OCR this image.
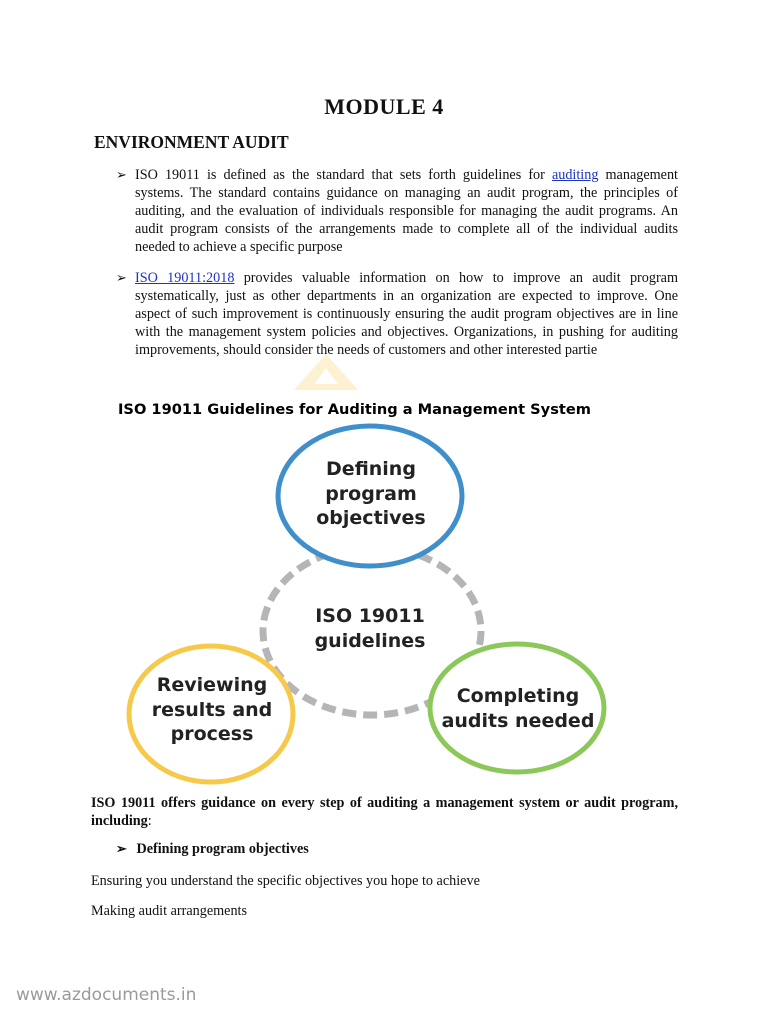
MODULE 4
ENVIRONMENT AUDIT
➢ ISO 19011 is defined as the standard that sets forth guidelines for auditing management systems. The standard contains guidance on managing an audit program, the principles of auditing, and the evaluation of individuals responsible for managing the audit programs. An audit program consists of the arrangements made to complete all of the individual audits needed to achieve a specific purpose
➢ ISO 19011:2018 provides valuable information on how to improve an audit program systematically, just as other departments in an organization are expected to improve. One aspect of such improvement is continuously ensuring the audit program objectives are in line with the management system policies and objectives. Organizations, in pushing for auditing improvements, should consider the needs of customers and other interested partie
ISO 19011 Guidelines for Auditing a Management System
Defining
program
objectives
ISO 19011
guidelines
Reviewing
results and
process
Completing
audits needed
ISO 19011 offers guidance on every step of auditing a management system or audit program, including:
➢ Defining program objectives
Ensuring you understand the specific objectives you hope to achieve
Making audit arrangements
www.azdocuments.in
